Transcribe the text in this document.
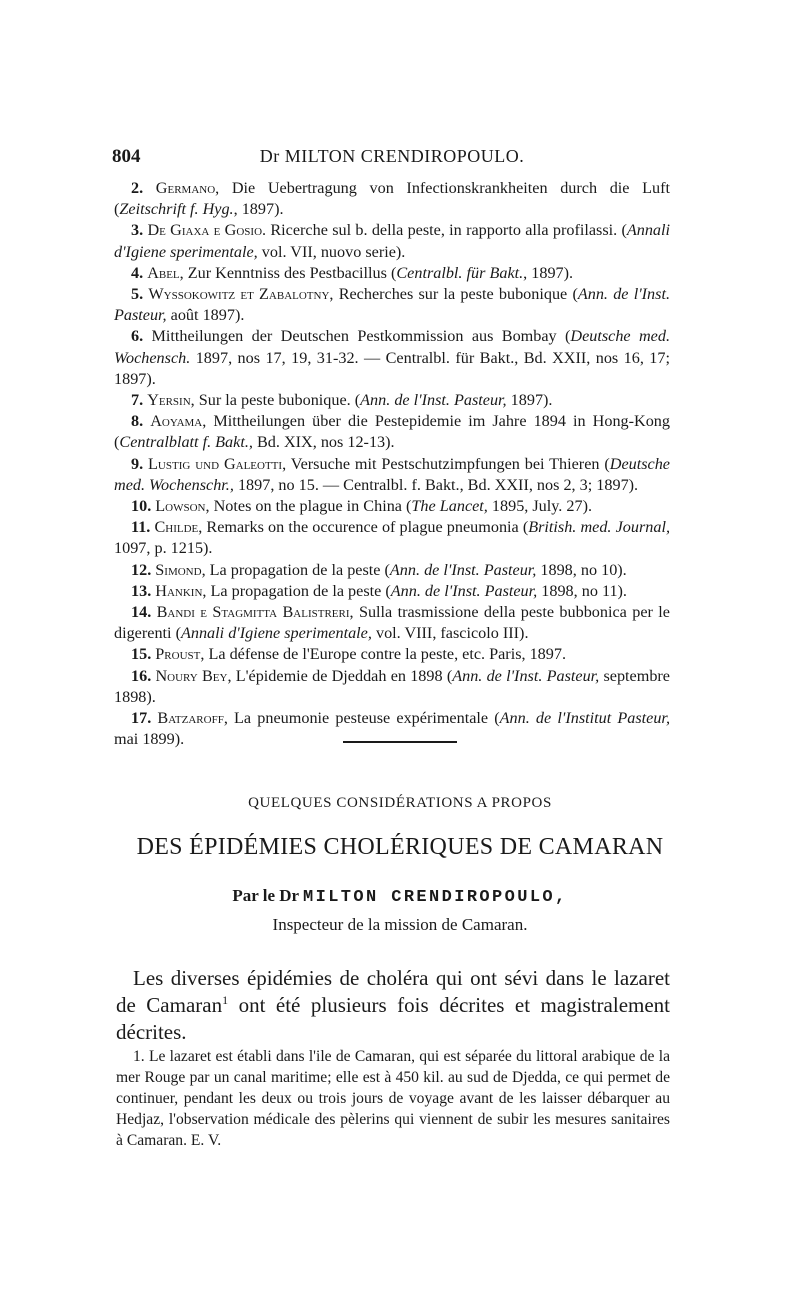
804	Dr MILTON CRENDIROPOULO.

2. Germano, Die Uebertragung von Infectionskrankheiten durch die Luft (Zeitschrift f. Hyg., 1897).

3. De Giaxa e Gosio. Ricerche sul b. della peste, in rapporto alla profilassi. (Annali d'Igiene sperimentale, vol. VII, nuovo serie).

4. Abel, Zur Kenntniss des Pestbacillus (Centralbl. für Bakt., 1897).

5. Wyssokowitz et Zabalotny, Recherches sur la peste bubonique (Ann. de l'Inst. Pasteur, août 1897).

6. Mittheilungen der Deutschen Pestkommission aus Bombay (Deutsche med. Wochensch. 1897, nos 17, 19, 31-32. — Centralbl. für Bakt., Bd. XXII, nos 16, 17; 1897).

7. Yersin, Sur la peste bubonique. (Ann. de l'Inst. Pasteur, 1897).

8. Aoyama, Mittheilungen über die Pestepidemie im Jahre 1894 in Hong-Kong (Centralblatt f. Bakt., Bd. XIX, nos 12-13).

9. Lustig und Galeotti, Versuche mit Pestschutzimpfungen bei Thieren (Deutsche med. Wochenschr., 1897, no 15. — Centralbl. f. Bakt., Bd. XXII, nos 2, 3; 1897).

10. Lowson, Notes on the plague in China (The Lancet, 1895, July. 27).

11. Childe, Remarks on the occurence of plague pneumonia (British. med. Journal, 1097, p. 1215).

12. Simond, La propagation de la peste (Ann. de l'Inst. Pasteur, 1898, no 10).

13. Hankin, La propagation de la peste (Ann. de l'Inst. Pasteur, 1898, no 11).

14. Bandi e Stagmitta Balistreri, Sulla trasmissione della peste bubbonica per le digerenti (Annali d'Igiene sperimentale, vol. VIII, fascicolo III).

15. Proust, La défense de l'Europe contre la peste, etc. Paris, 1897.

16. Noury Bey, L'épidemie de Djeddah en 1898 (Ann. de l'Inst. Pasteur, septembre 1898).

17. Batzaroff, La pneumonie pesteuse expérimentale (Ann. de l'Institut Pasteur, mai 1899).

QUELQUES CONSIDÉRATIONS A PROPOS
DES ÉPIDÉMIES CHOLÉRIQUES DE CAMARAN
Par le Dr MILTON CRENDIROPOULO,
Inspecteur de la mission de Camaran.

Les diverses épidémies de choléra qui ont sévi dans le lazaret de Camaran$^1$ ont été plusieurs fois décrites et magistralement décrites.

1. Le lazaret est établi dans l'ile de Camaran, qui est séparée du littoral arabique de la mer Rouge par un canal maritime; elle est à 450 kil. au sud de Djedda, ce qui permet de continuer, pendant les deux ou trois jours de voyage avant de les laisser débarquer au Hedjaz, l'observation médicale des pèlerins qui viennent de subir les mesures sanitaires à Camaran. E. V.
